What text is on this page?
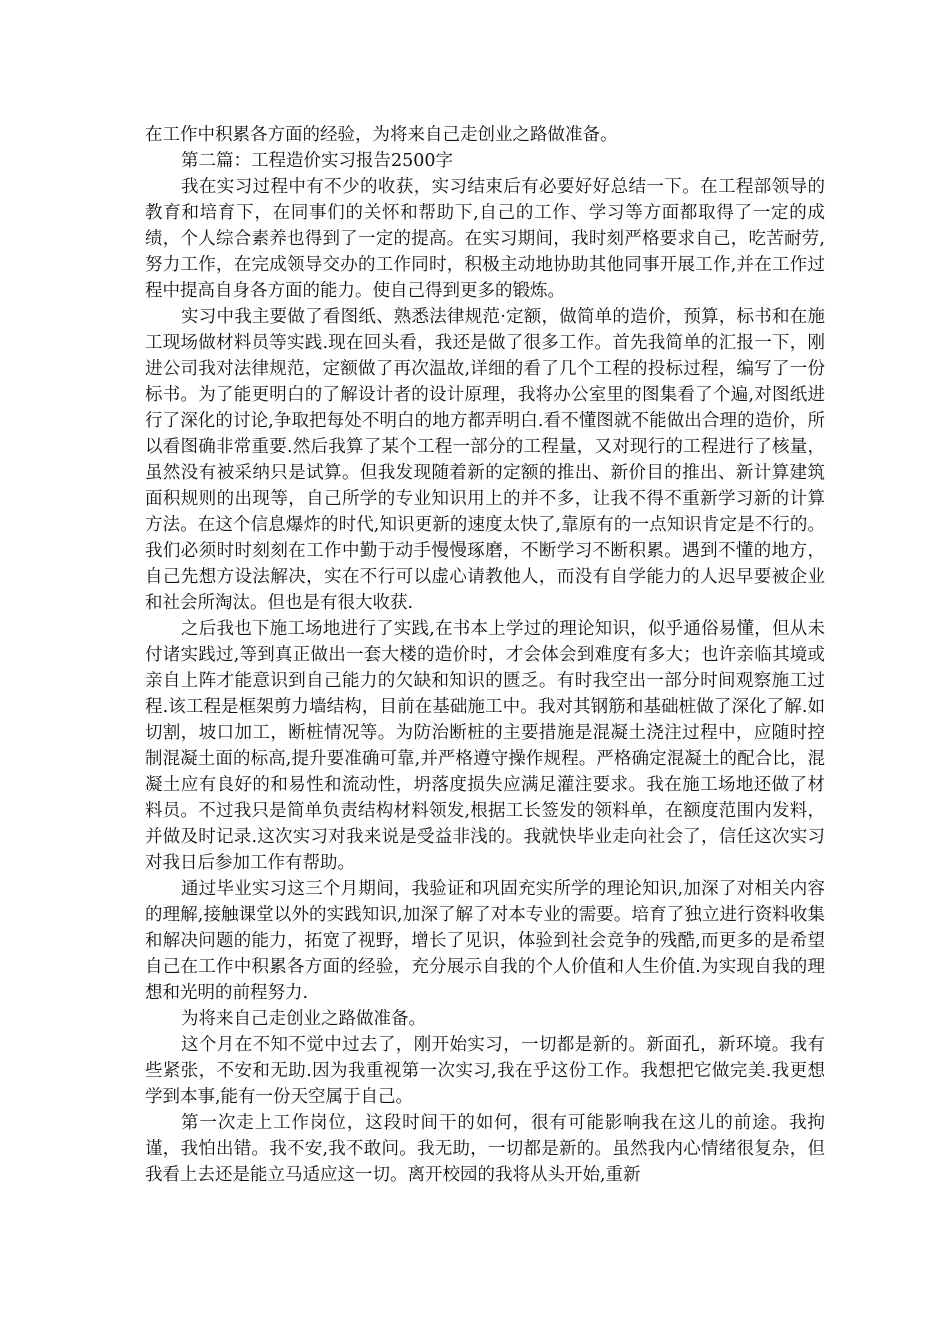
在工作中积累各方面的经验，为将来自己走创业之路做准备。

第二篇：工程造价实习报告2500字

我在实习过程中有不少的收获，实习结束后有必要好好总结一下。在工程部领导的教育和培育下，在同事们的关怀和帮助下,自己的工作、学习等方面都取得了一定的成绩，个人综合素养也得到了一定的提高。在实习期间，我时刻严格要求自己，吃苦耐劳,努力工作，在完成领导交办的工作同时，积极主动地协助其他同事开展工作,并在工作过程中提高自身各方面的能力。使自己得到更多的锻炼。

实习中我主要做了看图纸、熟悉法律规范·定额，做简单的造价，预算，标书和在施工现场做材料员等实践.现在回头看，我还是做了很多工作。首先我简单的汇报一下，刚进公司我对法律规范，定额做了再次温故,详细的看了几个工程的投标过程，编写了一份标书。为了能更明白的了解设计者的设计原理，我将办公室里的图集看了个遍,对图纸进行了深化的讨论,争取把每处不明白的地方都弄明白.看不懂图就不能做出合理的造价，所以看图确非常重要.然后我算了某个工程一部分的工程量，又对现行的工程进行了核量，虽然没有被采纳只是试算。但我发现随着新的定额的推出、新价目的推出、新计算建筑面积规则的出现等，自己所学的专业知识用上的并不多，让我不得不重新学习新的计算方法。在这个信息爆炸的时代,知识更新的速度太快了,靠原有的一点知识肯定是不行的。我们必须时时刻刻在工作中勤于动手慢慢琢磨，不断学习不断积累。遇到不懂的地方，自己先想方设法解决，实在不行可以虚心请教他人，而没有自学能力的人迟早要被企业和社会所淘汰。但也是有很大收获.

之后我也下施工场地进行了实践,在书本上学过的理论知识，似乎通俗易懂，但从未付诸实践过,等到真正做出一套大楼的造价时，才会体会到难度有多大；也许亲临其境或亲自上阵才能意识到自己能力的欠缺和知识的匮乏。有时我空出一部分时间观察施工过程.该工程是框架剪力墙结构，目前在基础施工中。我对其钢筋和基础桩做了深化了解.如切割，坡口加工，断桩情况等。为防治断桩的主要措施是混凝土浇注过程中，应随时控制混凝土面的标高,提升要准确可靠,并严格遵守操作规程。严格确定混凝土的配合比，混凝土应有良好的和易性和流动性，坍落度损失应满足灌注要求。我在施工场地还做了材料员。不过我只是简单负责结构材料领发,根据工长签发的领料单，在额度范围内发料，并做及时记录.这次实习对我来说是受益非浅的。我就快毕业走向社会了，信任这次实习对我日后参加工作有帮助。

通过毕业实习这三个月期间，我验证和巩固充实所学的理论知识,加深了对相关内容的理解,接触课堂以外的实践知识,加深了解了对本专业的需要。培育了独立进行资料收集和解决问题的能力，拓宽了视野，增长了见识，体验到社会竞争的残酷,而更多的是希望自己在工作中积累各方面的经验，充分展示自我的个人价值和人生价值.为实现自我的理想和光明的前程努力.

为将来自己走创业之路做准备。

这个月在不知不觉中过去了，刚开始实习，一切都是新的。新面孔，新环境。我有些紧张，不安和无助.因为我重视第一次实习,我在乎这份工作。我想把它做完美.我更想学到本事,能有一份天空属于自己。

第一次走上工作岗位，这段时间干的如何，很有可能影响我在这儿的前途。我拘谨，我怕出错。我不安,我不敢问。我无助，一切都是新的。虽然我内心情绪很复杂，但我看上去还是能立马适应这一切。离开校园的我将从头开始,重新
